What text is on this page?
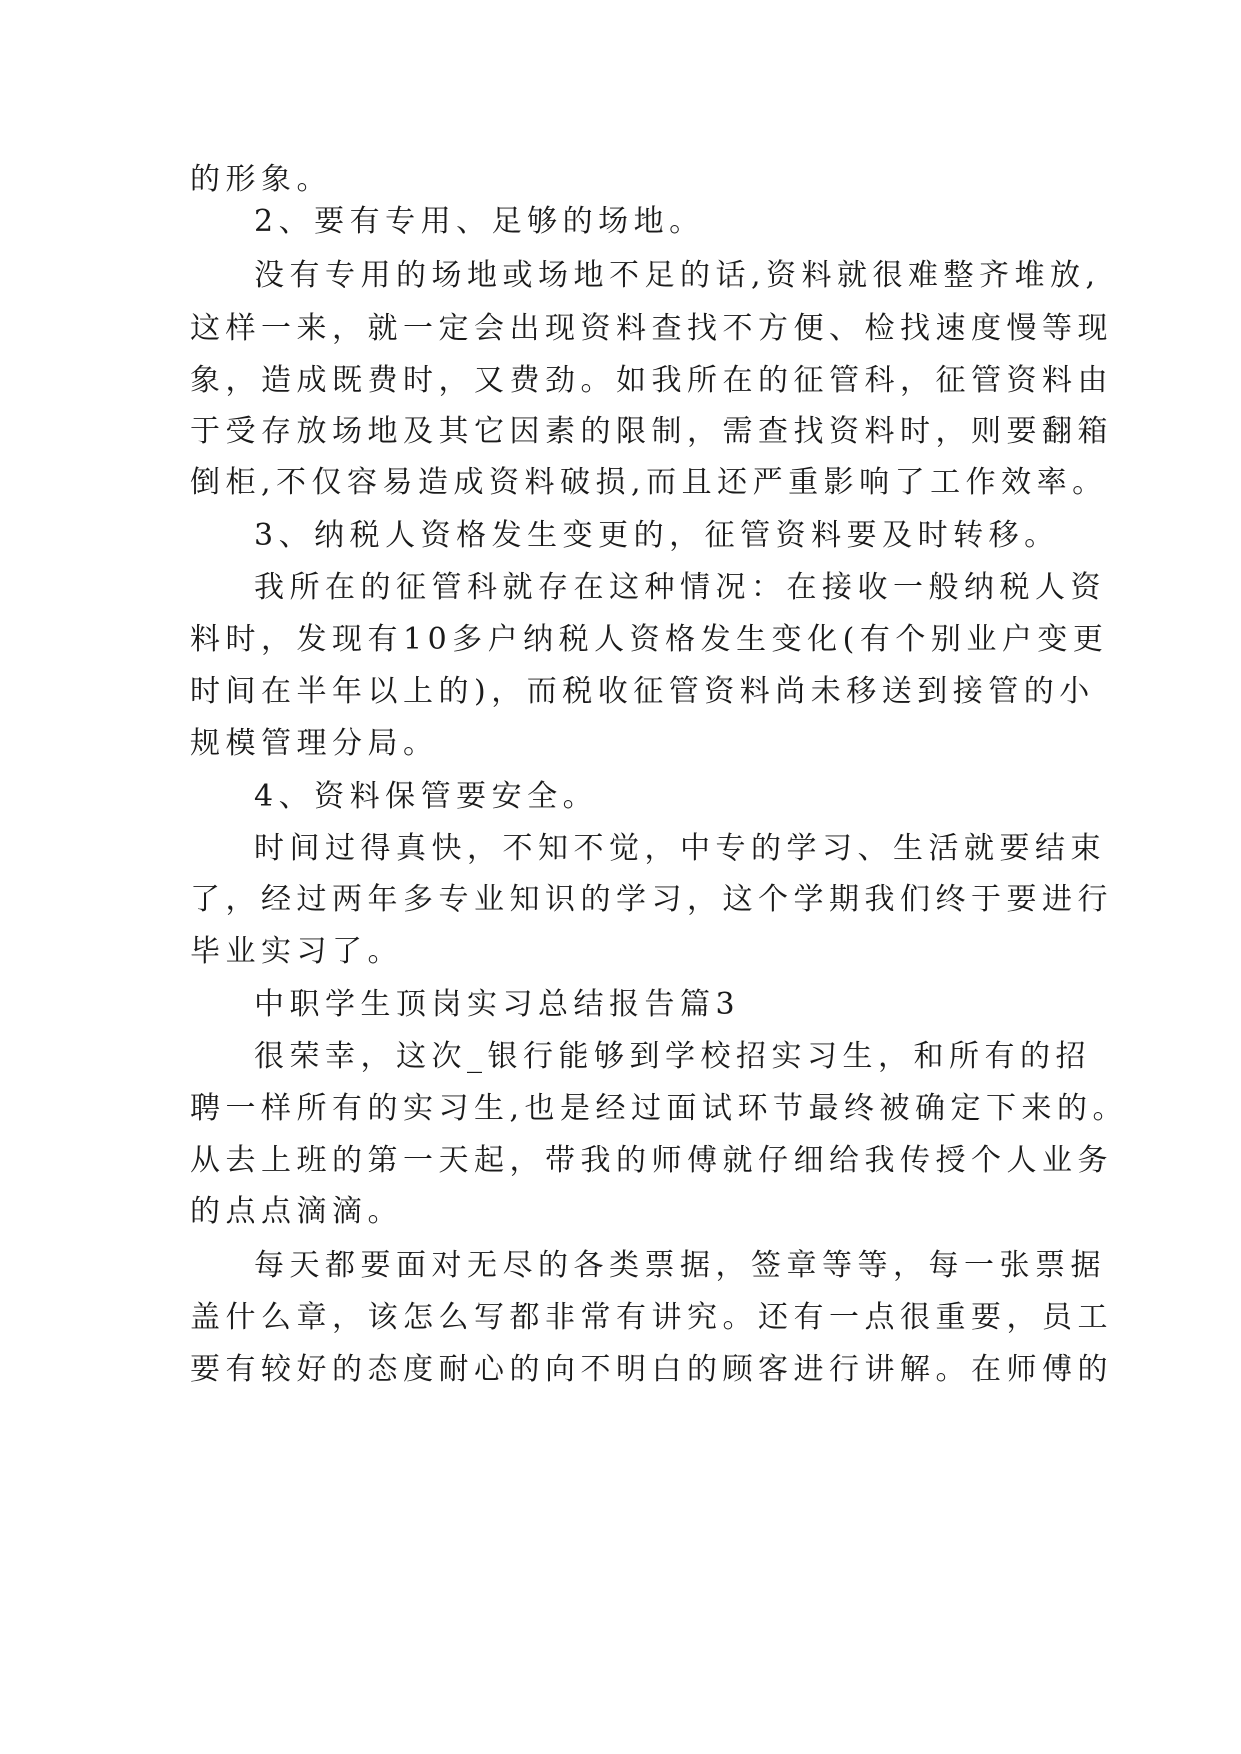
的形象。
2、要有专用、足够的场地。
没有专用的场地或场地不足的话,资料就很难整齐堆放,
这样一来，就一定会出现资料查找不方便、检找速度慢等现
象，造成既费时，又费劲。如我所在的征管科，征管资料由
于受存放场地及其它因素的限制，需查找资料时，则要翻箱
倒柜,不仅容易造成资料破损,而且还严重影响了工作效率。
3、纳税人资格发生变更的，征管资料要及时转移。
我所在的征管科就存在这种情况：在接收一般纳税人资
料时，发现有10多户纳税人资格发生变化(有个别业户变更
时间在半年以上的)，而税收征管资料尚未移送到接管的小
规模管理分局。
4、资料保管要安全。
时间过得真快，不知不觉，中专的学习、生活就要结束
了，经过两年多专业知识的学习，这个学期我们终于要进行
毕业实习了。
中职学生顶岗实习总结报告篇3
很荣幸，这次_银行能够到学校招实习生，和所有的招
聘一样所有的实习生,也是经过面试环节最终被确定下来的。
从去上班的第一天起，带我的师傅就仔细给我传授个人业务
的点点滴滴。
每天都要面对无尽的各类票据，签章等等，每一张票据
盖什么章，该怎么写都非常有讲究。还有一点很重要，员工
要有较好的态度耐心的向不明白的顾客进行讲解。在师傅的
